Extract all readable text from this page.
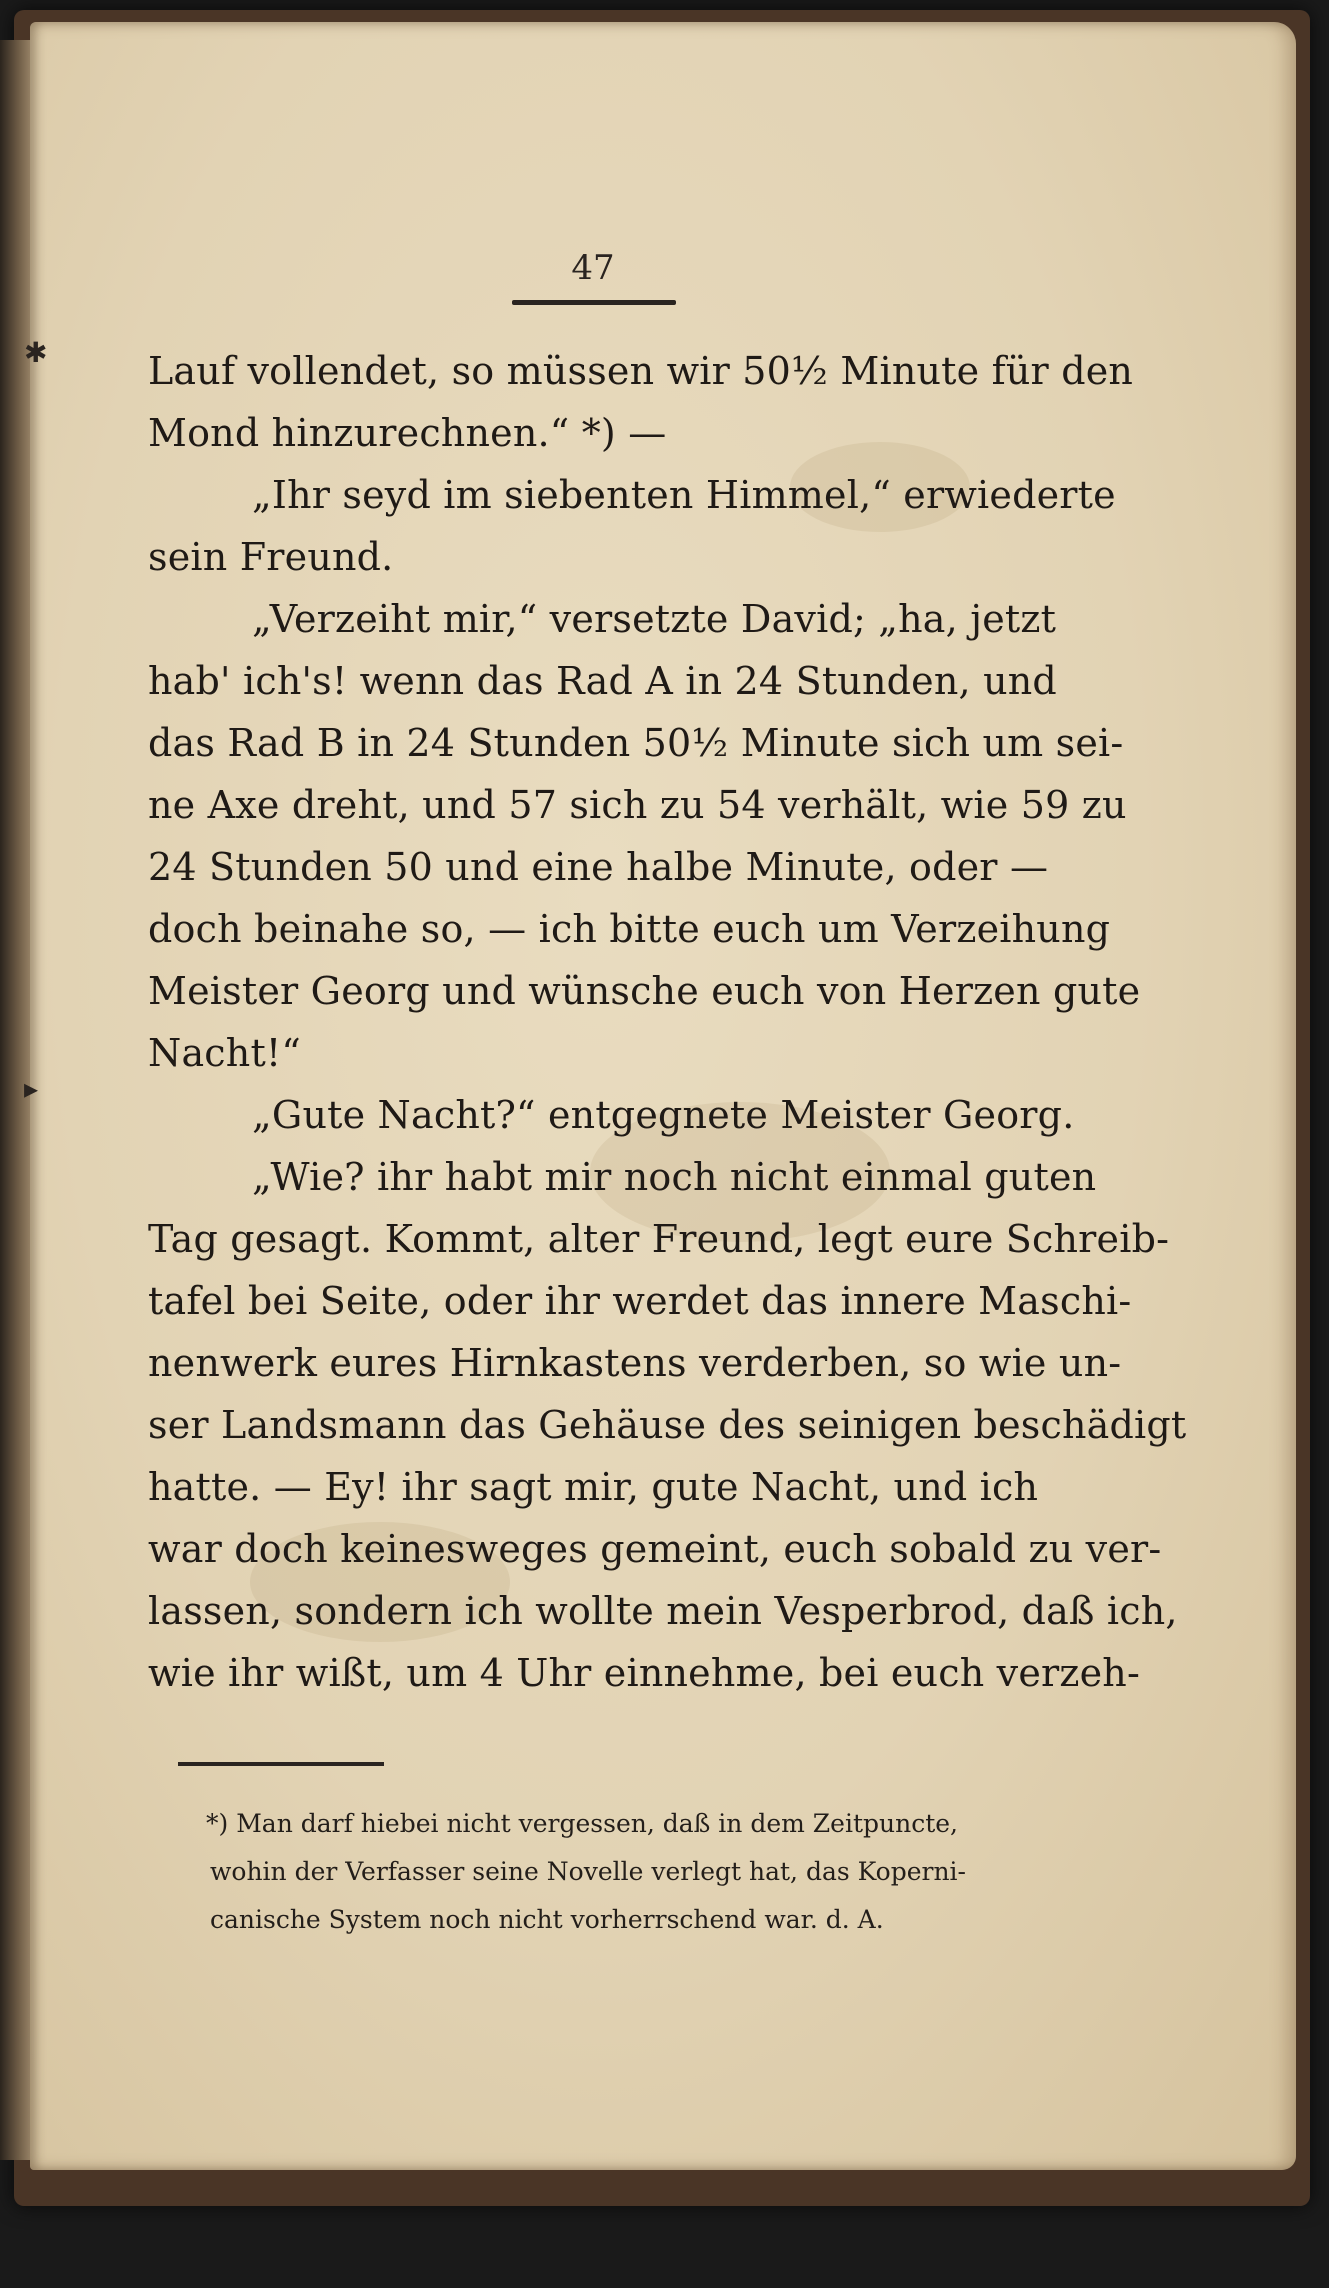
✱
▸

47

Lauf vollendet, so müssen wir 50½ Minute für den

Mond hinzurechnen.“ *) —

„Ihr seyd im siebenten Himmel,“ erwiederte

sein Freund.

„Verzeiht mir,“ versetzte David; „ha, jetzt

hab' ich's! wenn das Rad A in 24 Stunden, und

das Rad B in 24 Stunden 50½ Minute sich um sei-

ne Axe dreht, und 57 sich zu 54 verhält, wie 59 zu

24 Stunden 50 und eine halbe Minute, oder —

doch beinahe so, — ich bitte euch um Verzeihung

Meister Georg und wünsche euch von Herzen gute

Nacht!“

„Gute Nacht?“ entgegnete Meister Georg.

„Wie? ihr habt mir noch nicht einmal guten

Tag gesagt. Kommt, alter Freund, legt eure Schreib-

tafel bei Seite, oder ihr werdet das innere Maschi-

nenwerk eures Hirnkastens verderben, so wie un-

ser Landsmann das Gehäuse des seinigen beschädigt

hatte. — Ey! ihr sagt mir, gute Nacht, und ich

war doch keinesweges gemeint, euch sobald zu ver-

lassen, sondern ich wollte mein Vesperbrod, daß ich,

wie ihr wißt, um 4 Uhr einnehme, bei euch verzeh-

*) Man darf hiebei nicht vergessen, daß in dem Zeitpuncte,

wohin der Verfasser seine Novelle verlegt hat, das Koperni-

canische System noch nicht vorherrschend war. d. A.
